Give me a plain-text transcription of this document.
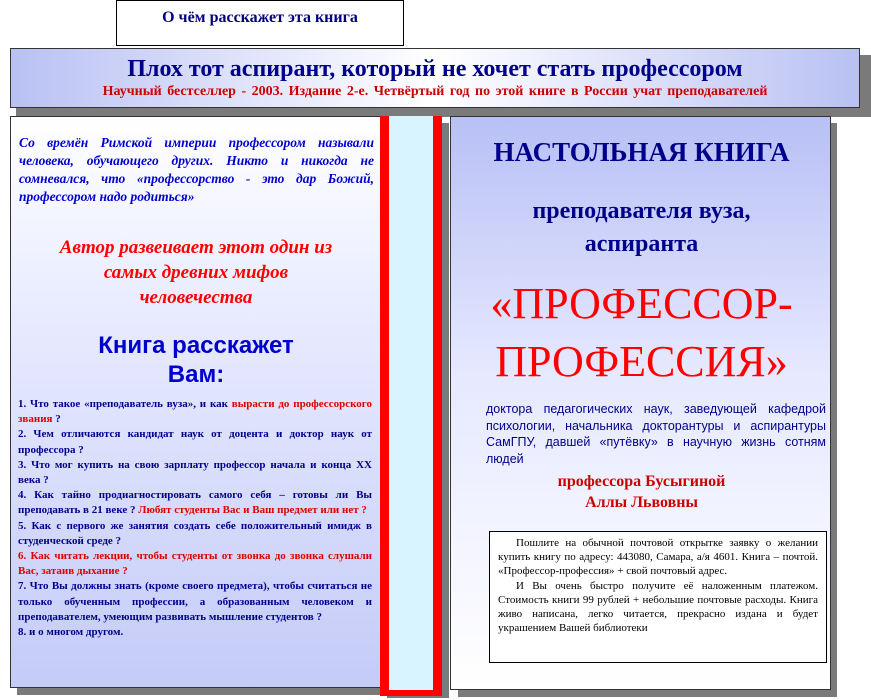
О чём расскажет эта книга
Плох тот аспирант, который не хочет стать профессором
Научный бестселлер - 2003. Издание 2-е. Четвёртый год по этой книге в России учат преподавателей
Со времён Римской империи профессором называли человека, обучающего других. Никто и никогда не сомневался, что «профессорство - это дар Божий, профессором надо родиться»
Автор развеивает этот один из
самых древних мифов
человечества
Книга расскажет
Вам:

1. Что такое «преподаватель вуза», и как вырасти до профессорского звания ?

2. Чем отличаются кандидат наук от доцента и доктор наук от профессора ?

3. Что мог купить на свою зарплату профессор начала и конца XX века ?

4. Как тайно продиагностировать самого себя – готовы ли Вы преподавать в 21 веке ? Любят студенты Вас и Ваш предмет или нет ?

5. Как с первого же занятия создать себе положительный имидж в студенческой среде ?

6. Как читать лекции, чтобы студенты от звонка до звонка слушали Вас, затаив дыхание ?

7. Что Вы должны знать (кроме своего предмета), чтобы считаться не только обученным профессии, а образованным человеком и преподавателем, умеющим развивать мышление студентов ?

8. и о многом другом.

НАСТОЛЬНАЯ КНИГА
преподавателя вуза,
аспиранта
«ПРОФЕССОР-
ПРОФЕССИЯ»
доктора педагогических наук, заведующей кафедрой психологии, начальника докторантуры и аспирантуры СамГПУ, давшей «путёвку» в научную жизнь сотням людей
профессора Бусыгиной
Аллы Львовны

Пошлите на обычной почтовой открытке заявку о желании купить книгу по адресу: 443080, Самара, а/я 4601. Книга – почтой. «Профессор-профессия» + свой почтовый адрес.

И Вы очень быстро получите её наложенным платежом. Стоимость книги 99 рублей + небольшие почтовые расходы. Книга живо написана, легко читается, прекрасно издана и будет украшением Вашей библиотеки
